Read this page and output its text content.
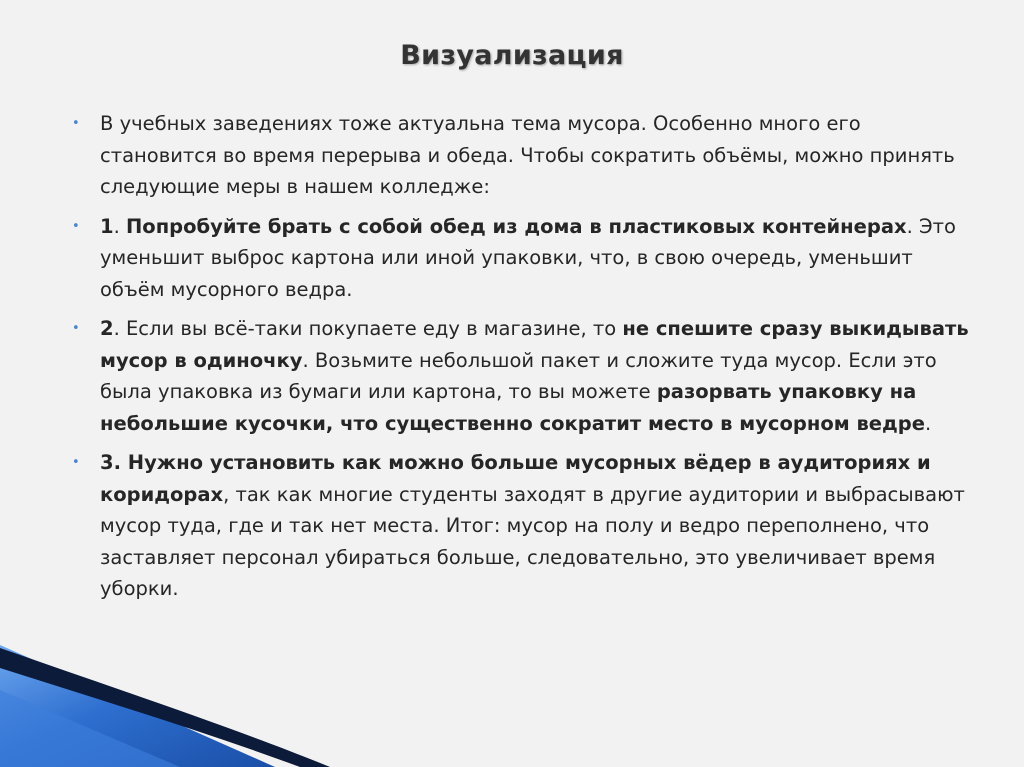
Визуализация
• В учебных заведениях тоже актуальна тема мусора. Особенно много его становится во время перерыва и обеда. Чтобы сократить объёмы, можно принять следующие меры в нашем колледже:
• 1. Попробуйте брать с собой обед из дома в пластиковых контейнерах. Это уменьшит выброс картона или иной упаковки, что, в свою очередь, уменьшит объём мусорного ведра.
• 2. Если вы всё-таки покупаете еду в магазине, то не спешите сразу выкидывать мусор в одиночку. Возьмите небольшой пакет и сложите туда мусор. Если это была упаковка из бумаги или картона, то вы можете разорвать упаковку на небольшие кусочки, что существенно сократит место в мусорном ведре.
• 3. Нужно установить как можно больше мусорных вёдер в аудиториях и коридорах, так как многие студенты заходят в другие аудитории и выбрасывают мусор туда, где и так нет места. Итог: мусор на полу и ведро переполнено, что заставляет персонал убираться больше, следовательно, это увеличивает время уборки.
